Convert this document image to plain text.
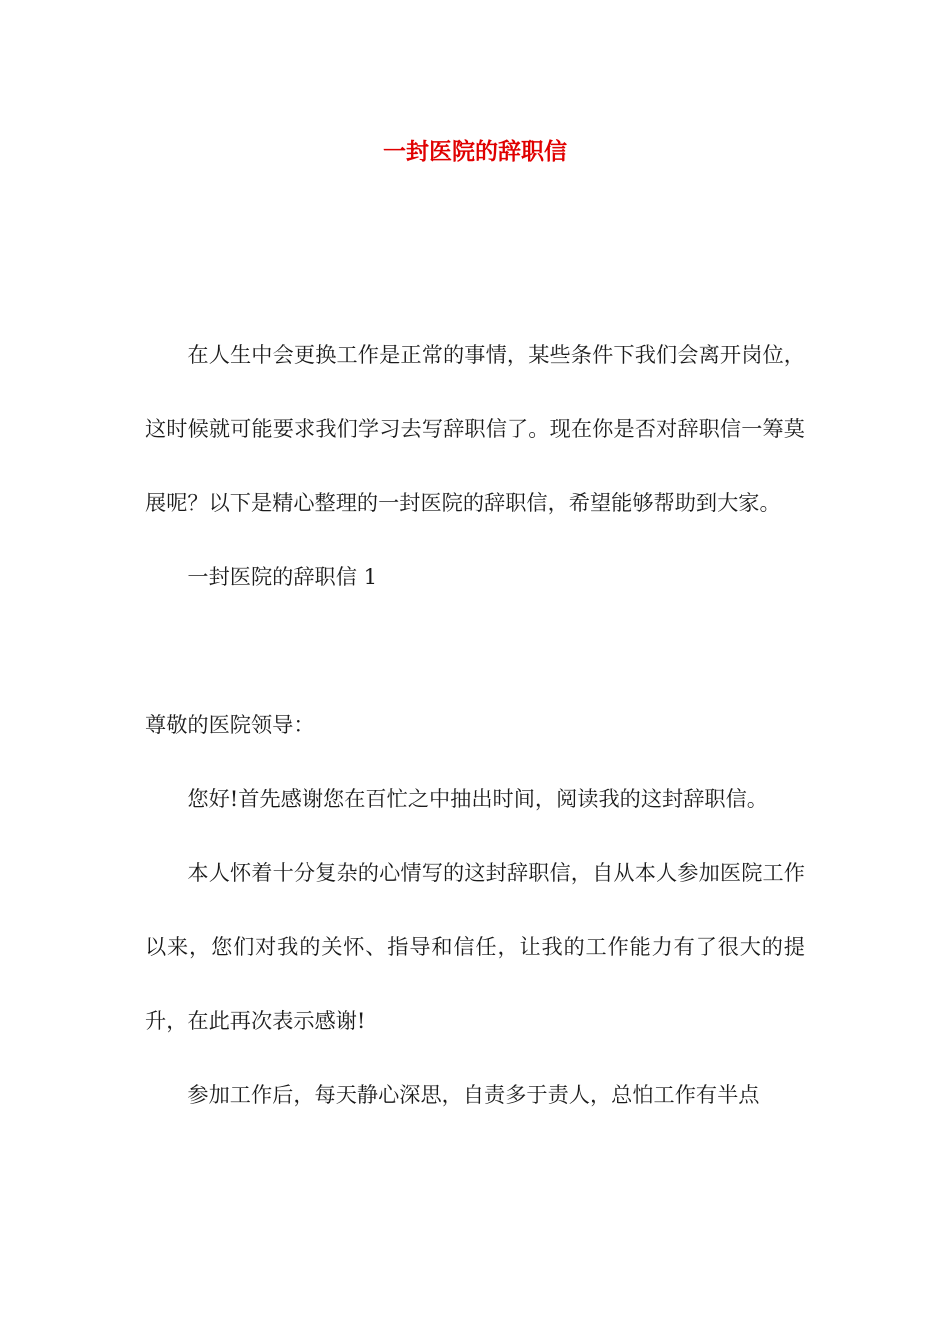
一封医院的辞职信

在人生中会更换工作是正常的事情，某些条件下我们会离开岗位，这时候就可能要求我们学习去写辞职信了。现在你是否对辞职信一筹莫展呢？以下是精心整理的一封医院的辞职信，希望能够帮助到大家。

一封医院的辞职信 1

尊敬的医院领导：

您好!首先感谢您在百忙之中抽出时间，阅读我的这封辞职信。

本人怀着十分复杂的心情写的这封辞职信，自从本人参加医院工作以来，您们对我的关怀、指导和信任，让我的工作能力有了很大的提升，在此再次表示感谢!

参加工作后，每天静心深思，自责多于责人，总怕工作有半点
